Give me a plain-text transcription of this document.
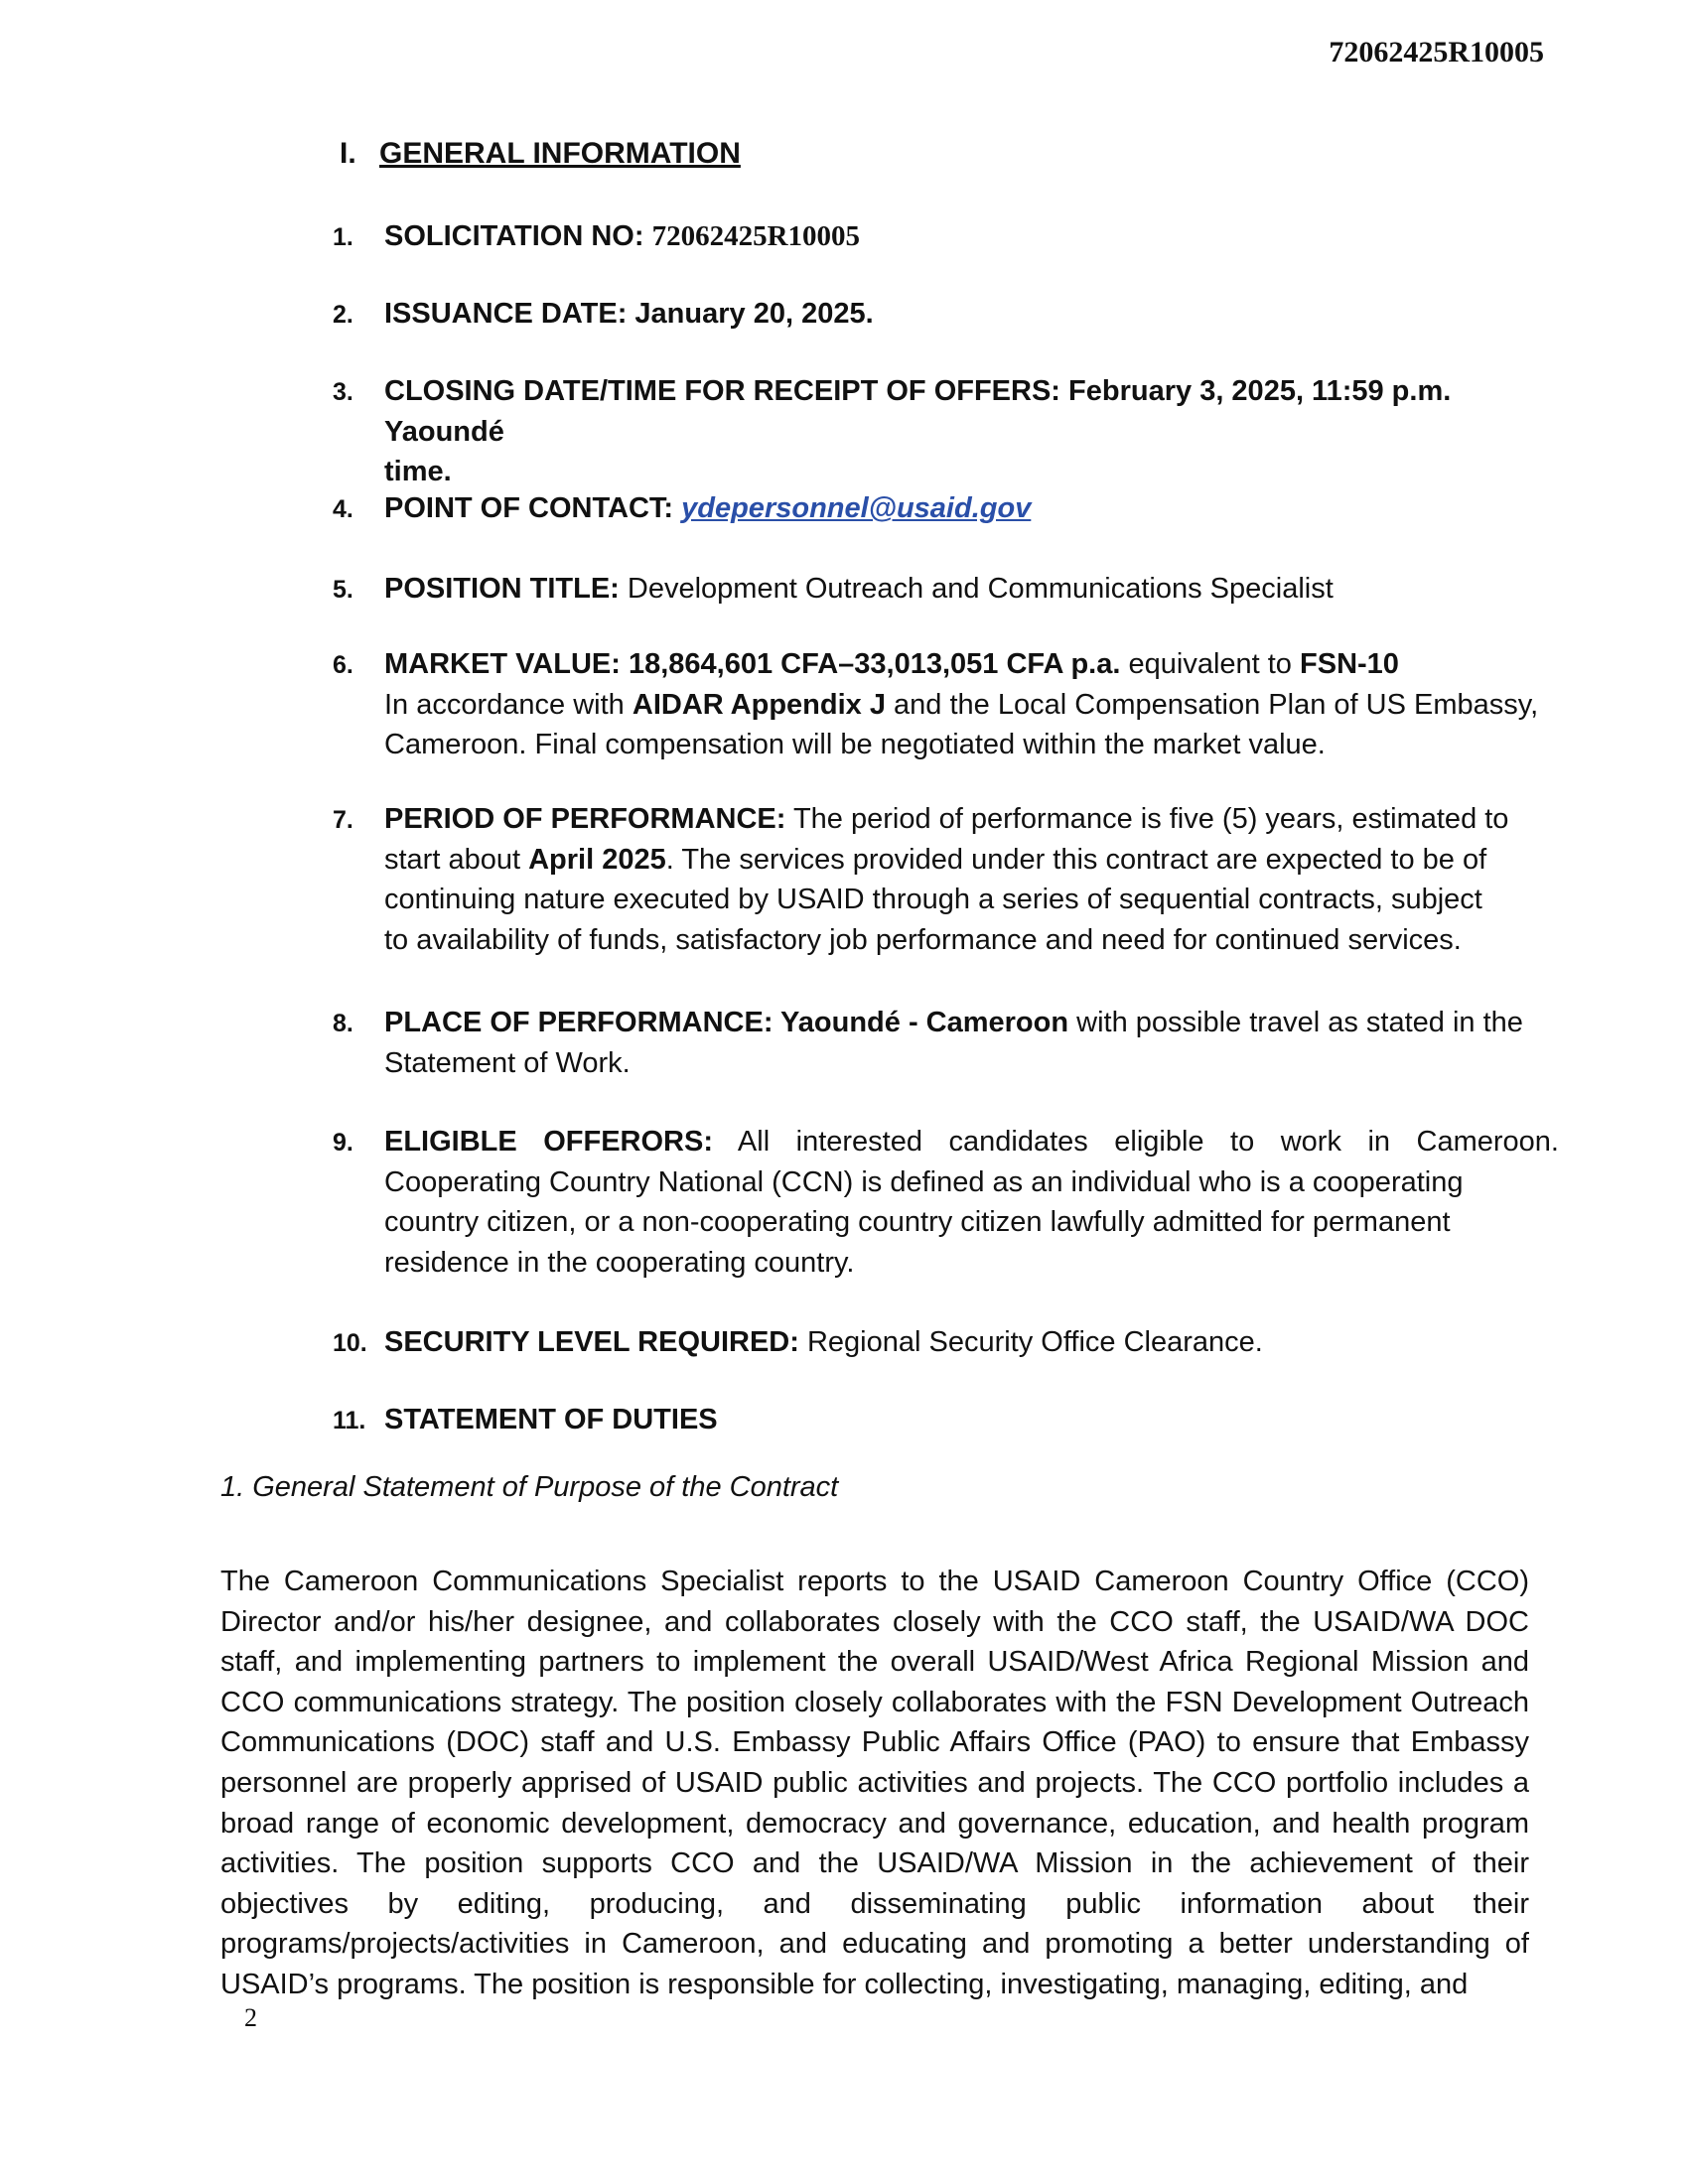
72062425R10005
I. GENERAL INFORMATION
1. SOLICITATION NO: 72062425R10005
2. ISSUANCE DATE: January 20, 2025.
3. CLOSING DATE/TIME FOR RECEIPT OF OFFERS: February 3, 2025, 11:59 p.m. Yaoundé
time.
4. POINT OF CONTACT: ydepersonnel@usaid.gov
5. POSITION TITLE: Development Outreach and Communications Specialist
6. MARKET VALUE: 18,864,601 CFA–33,013,051 CFA p.a. equivalent to FSN-10
In accordance with AIDAR Appendix J and the Local Compensation Plan of US Embassy,
Cameroon. Final compensation will be negotiated within the market value.
7. PERIOD OF PERFORMANCE: The period of performance is five (5) years, estimated to
start about April 2025. The services provided under this contract are expected to be of
continuing nature executed by USAID through a series of sequential contracts, subject
to availability of funds, satisfactory job performance and need for continued services.
8. PLACE OF PERFORMANCE: Yaoundé - Cameroon with possible travel as stated in the
Statement of Work.
9. ELIGIBLE OFFERORS: All interested candidates eligible to work in Cameroon.
Cooperating Country National (CCN) is defined as an individual who is a cooperating
country citizen, or a non-cooperating country citizen lawfully admitted for permanent
residence in the cooperating country.
10. SECURITY LEVEL REQUIRED: Regional Security Office Clearance.
11. STATEMENT OF DUTIES
1. General Statement of Purpose of the Contract
The Cameroon Communications Specialist reports to the USAID Cameroon Country Office (CCO) Director and/or his/her designee, and collaborates closely with the CCO staff, the USAID/WA DOC staff, and implementing partners to implement the overall USAID/West Africa Regional Mission and CCO communications strategy. The position closely collaborates with the FSN Development Outreach Communications (DOC) staff and U.S. Embassy Public Affairs Office (PAO) to ensure that Embassy personnel are properly apprised of USAID public activities and projects. The CCO portfolio includes a broad range of economic development, democracy and governance, education, and health program activities. The position supports CCO and the USAID/WA Mission in the achievement of their objectives by editing, producing, and disseminating public information about their programs/projects/activities in Cameroon, and educating and promoting a better understanding of USAID’s programs. The position is responsible for collecting, investigating, managing, editing, and
2
